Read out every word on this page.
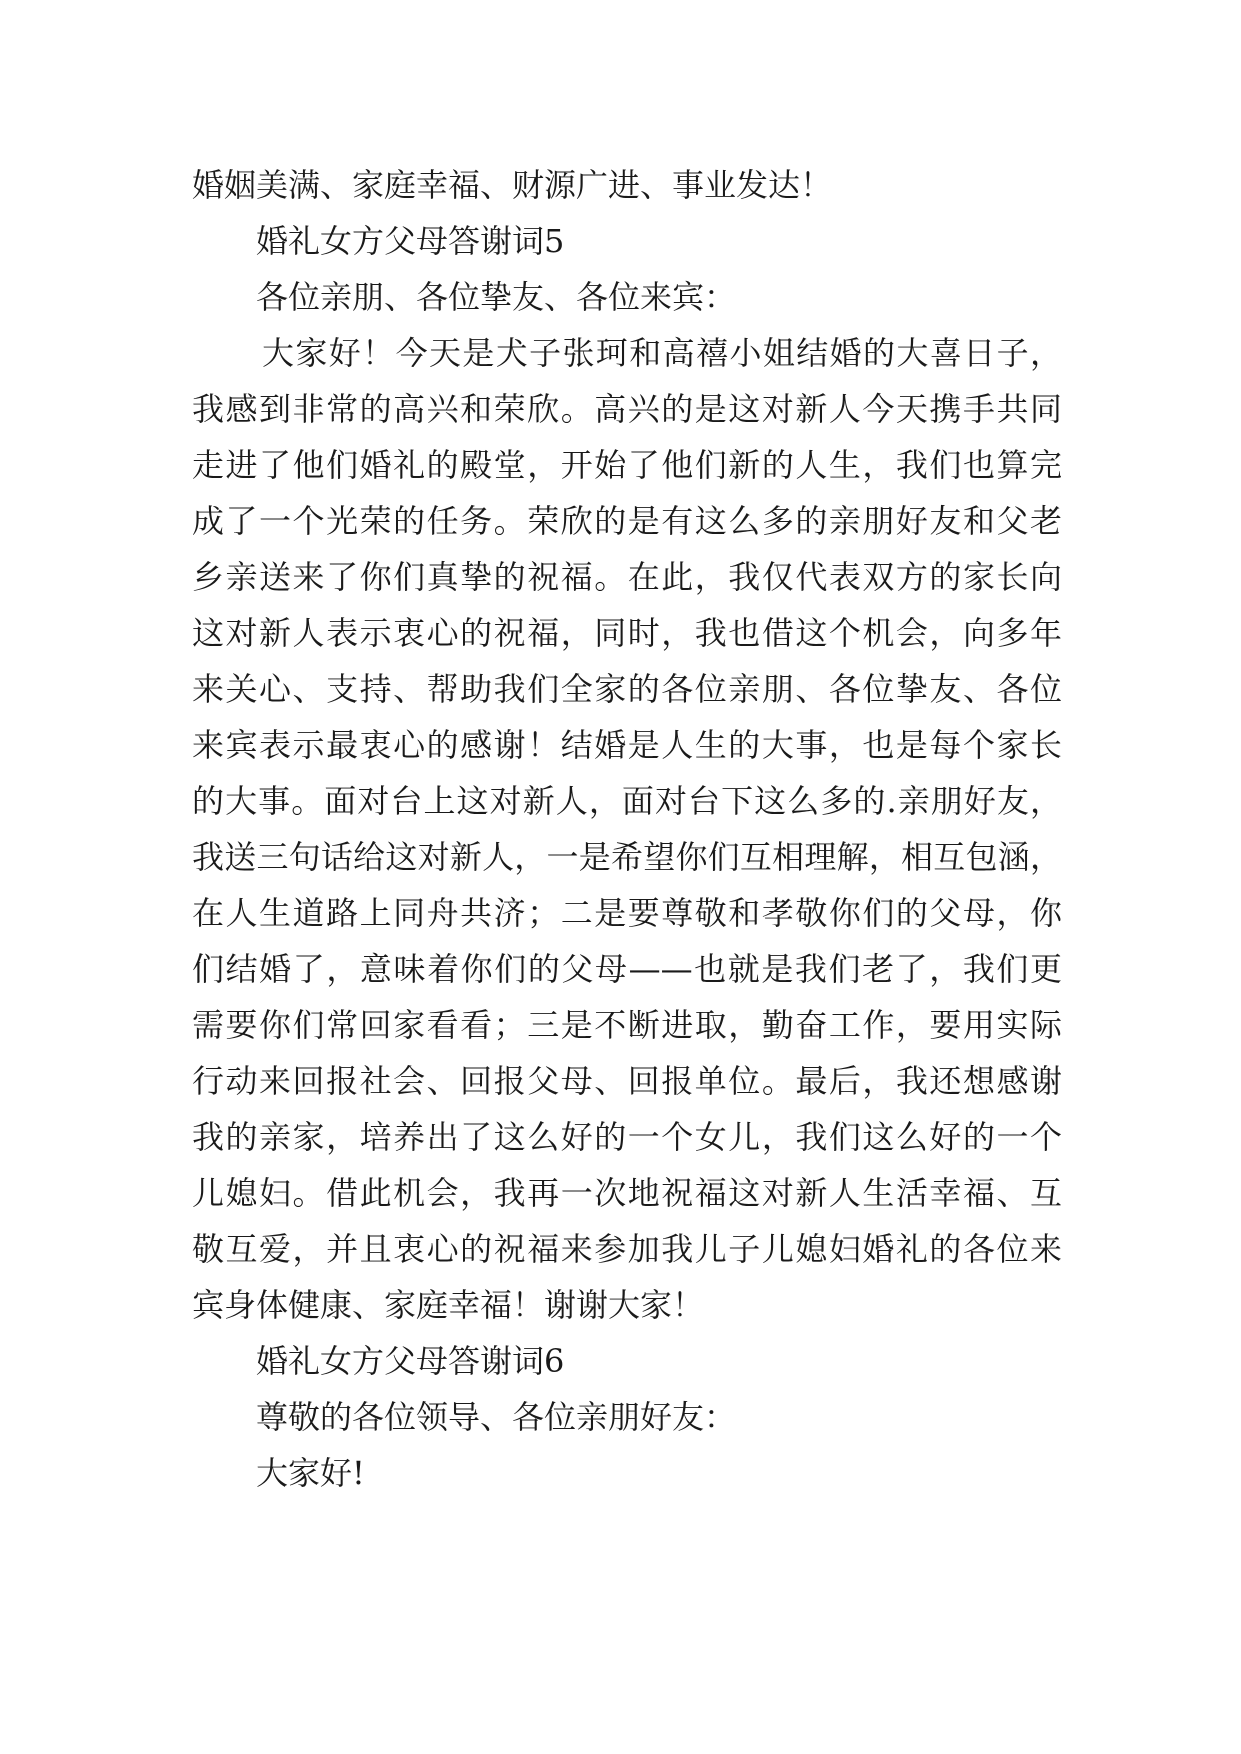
婚姻美满、家庭幸福、财源广进、事业发达！
婚礼女方父母答谢词5
各位亲朋、各位挚友、各位来宾：
大家好！今天是犬子张珂和高禧小姐结婚的大喜日子，
我感到非常的高兴和荣欣。高兴的是这对新人今天携手共同
走进了他们婚礼的殿堂，开始了他们新的人生，我们也算完
成了一个光荣的任务。荣欣的是有这么多的亲朋好友和父老
乡亲送来了你们真挚的祝福。在此，我仅代表双方的家长向
这对新人表示衷心的祝福，同时，我也借这个机会，向多年
来关心、支持、帮助我们全家的各位亲朋、各位挚友、各位
来宾表示最衷心的感谢！结婚是人生的大事，也是每个家长
的大事。面对台上这对新人，面对台下这么多的.亲朋好友，
我送三句话给这对新人，一是希望你们互相理解，相互包涵，
在人生道路上同舟共济；二是要尊敬和孝敬你们的父母，你
们结婚了，意味着你们的父母——也就是我们老了，我们更
需要你们常回家看看；三是不断进取，勤奋工作，要用实际
行动来回报社会、回报父母、回报单位。最后，我还想感谢
我的亲家，培养出了这么好的一个女儿，我们这么好的一个
儿媳妇。借此机会，我再一次地祝福这对新人生活幸福、互
敬互爱，并且衷心的祝福来参加我儿子儿媳妇婚礼的各位来
宾身体健康、家庭幸福！谢谢大家！
婚礼女方父母答谢词6
尊敬的各位领导、各位亲朋好友：
大家好!
